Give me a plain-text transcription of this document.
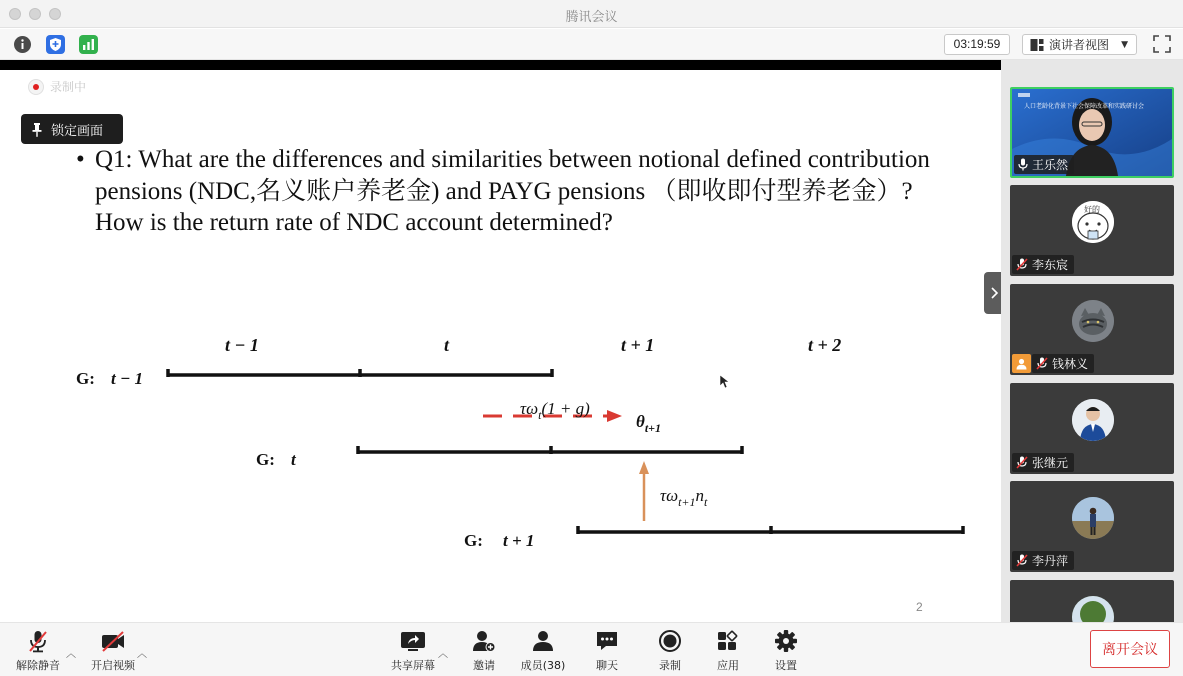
腾讯会议
03:19:59	演讲者视图 ▼
录制中
锁定画面
• Q1: What are the differences and similarities between notional defined contribution pensions (NDC,名义账户养老金) and PAYG pensions （即收即付型养老金）? How is the return rate of NDC account determined?
t − 1	t	t + 1	t + 2
G: t − 1
G: t
G: t + 1
$\tau\omega_t(1 + g)$
$\theta_{t+1}$
$\tau\omega_{t+1}n_t$
2
人口老龄化背景下社会保障改革和实践研讨会
王乐然
好的
李东宸
钱林义
张继元
李丹萍
解除静音
︿
开启视频
︿
共享屏幕
︿
邀请 成员(38)	聊天	录制	应用	设置
离开会议
